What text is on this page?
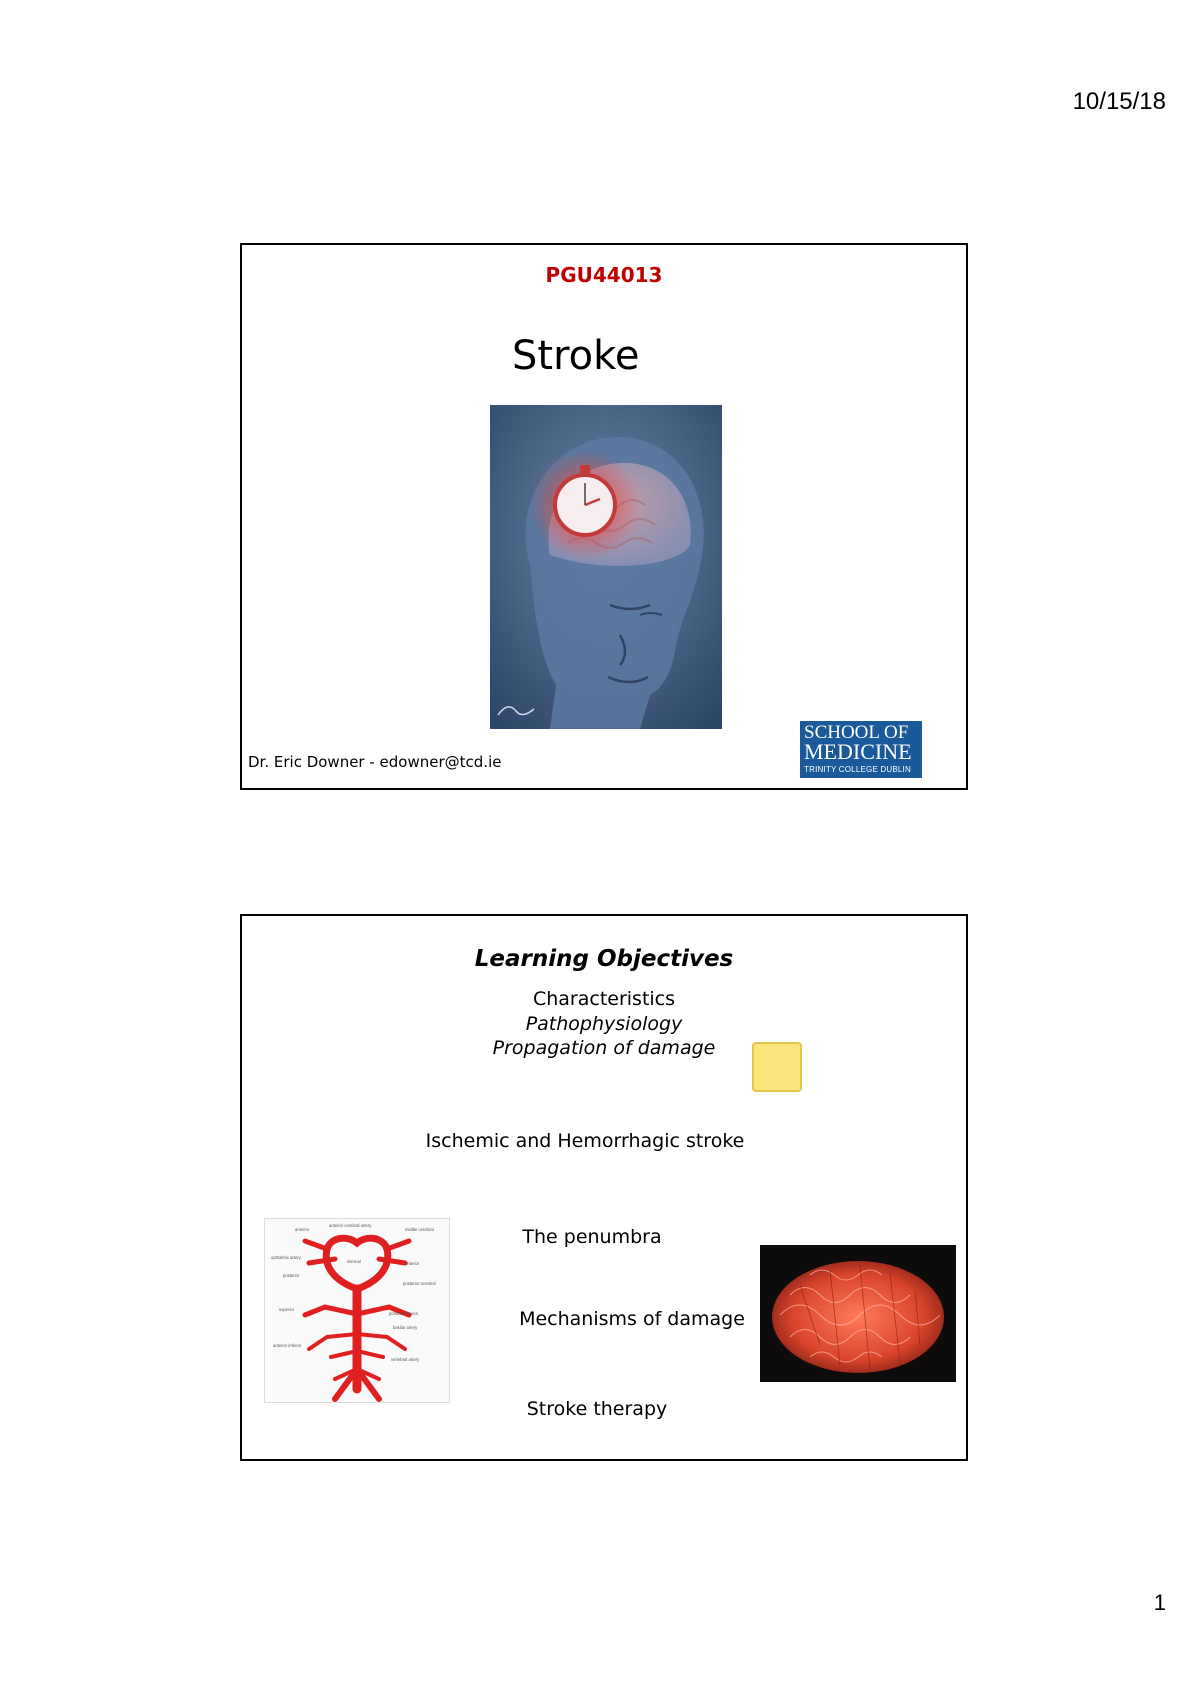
10/15/18
PGU44013
Stroke
Dr. Eric Downer - edowner@tcd.ie
SCHOOL OF
MEDICINE
TRINITY COLLEGE DUBLIN
Learning Objectives
Characteristics
Pathophysiology
Propagation of damage
Ischemic and Hemorrhagic stroke
The penumbra
Mechanisms of damage
Stroke therapy
anterior
anterior cerebral artery
middle cerebral
opthalmic artery
internal	anterior
posterior
posterior cerebral
superior
pontine arteries
basilar artery
anterior inferior
vertebral artery
1
